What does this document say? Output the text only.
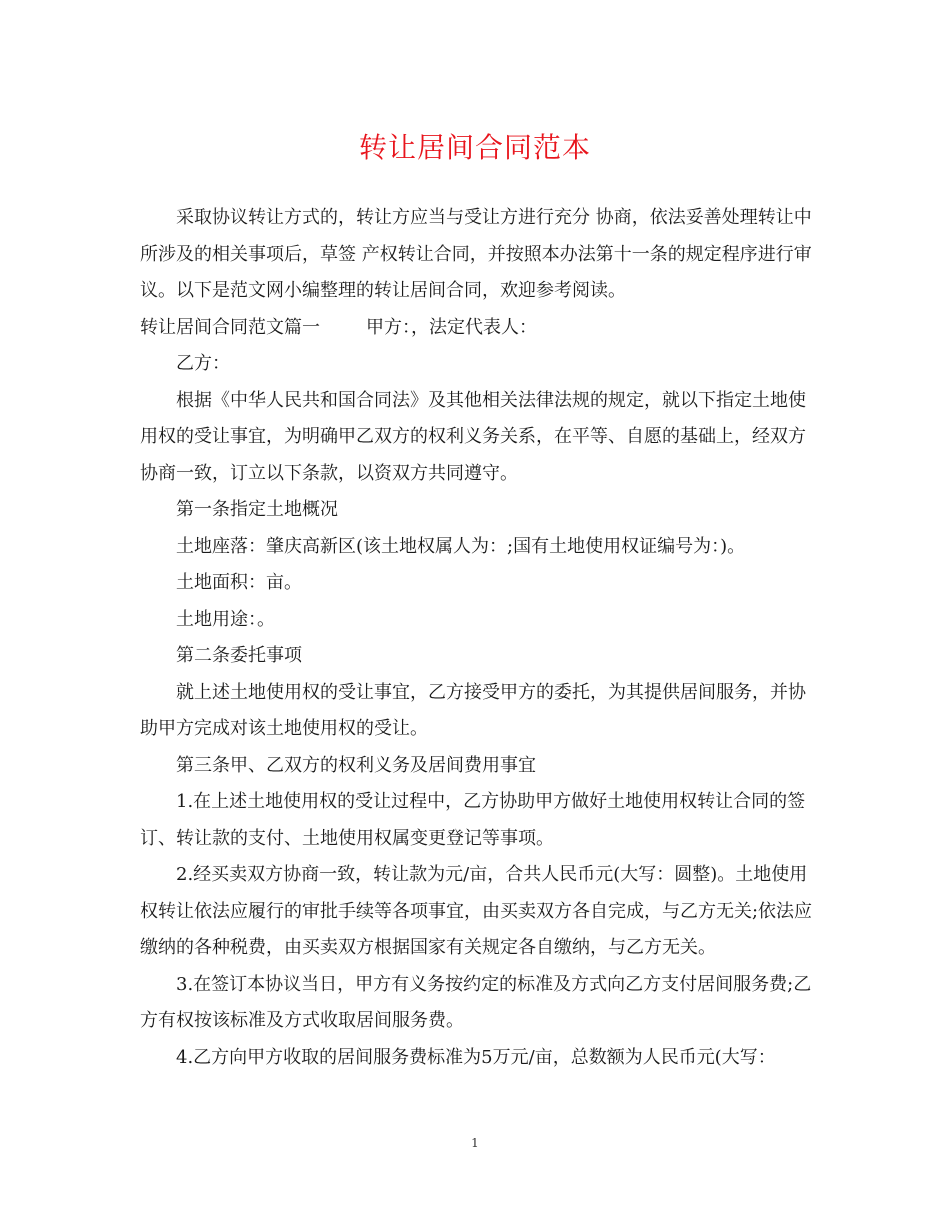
转让居间合同范本

采取协议转让方式的，转让方应当与受让方进行充分 协商，依法妥善处理转让中所涉及的相关事项后，草签 产权转让合同，并按照本办法第十一条的规定程序进行审议。以下是范文网小编整理的转让居间合同，欢迎参考阅读。

转让居间合同范文篇一	甲方：，法定代表人：

乙方：

根据《中华人民共和国合同法》及其他相关法律法规的规定，就以下指定土地使用权的受让事宜，为明确甲乙双方的权利义务关系，在平等、自愿的基础上，经双方协商一致，订立以下条款，以资双方共同遵守。

第一条指定土地概况

土地座落：肇庆高新区(该土地权属人为：;国有土地使用权证编号为：)。

土地面积：亩。

土地用途：。

第二条委托事项

就上述土地使用权的受让事宜，乙方接受甲方的委托，为其提供居间服务，并协助甲方完成对该土地使用权的受让。

第三条甲、乙双方的权利义务及居间费用事宜

1.在上述土地使用权的受让过程中，乙方协助甲方做好土地使用权转让合同的签订、转让款的支付、土地使用权属变更登记等事项。

2.经买卖双方协商一致，转让款为元/亩，合共人民币元(大写：圆整)。土地使用权转让依法应履行的审批手续等各项事宜，由买卖双方各自完成，与乙方无关;依法应缴纳的各种税费，由买卖双方根据国家有关规定各自缴纳，与乙方无关。

3.在签订本协议当日，甲方有义务按约定的标准及方式向乙方支付居间服务费;乙方有权按该标准及方式收取居间服务费。

4.乙方向甲方收取的居间服务费标准为5万元/亩，总数额为人民币元(大写：

1
